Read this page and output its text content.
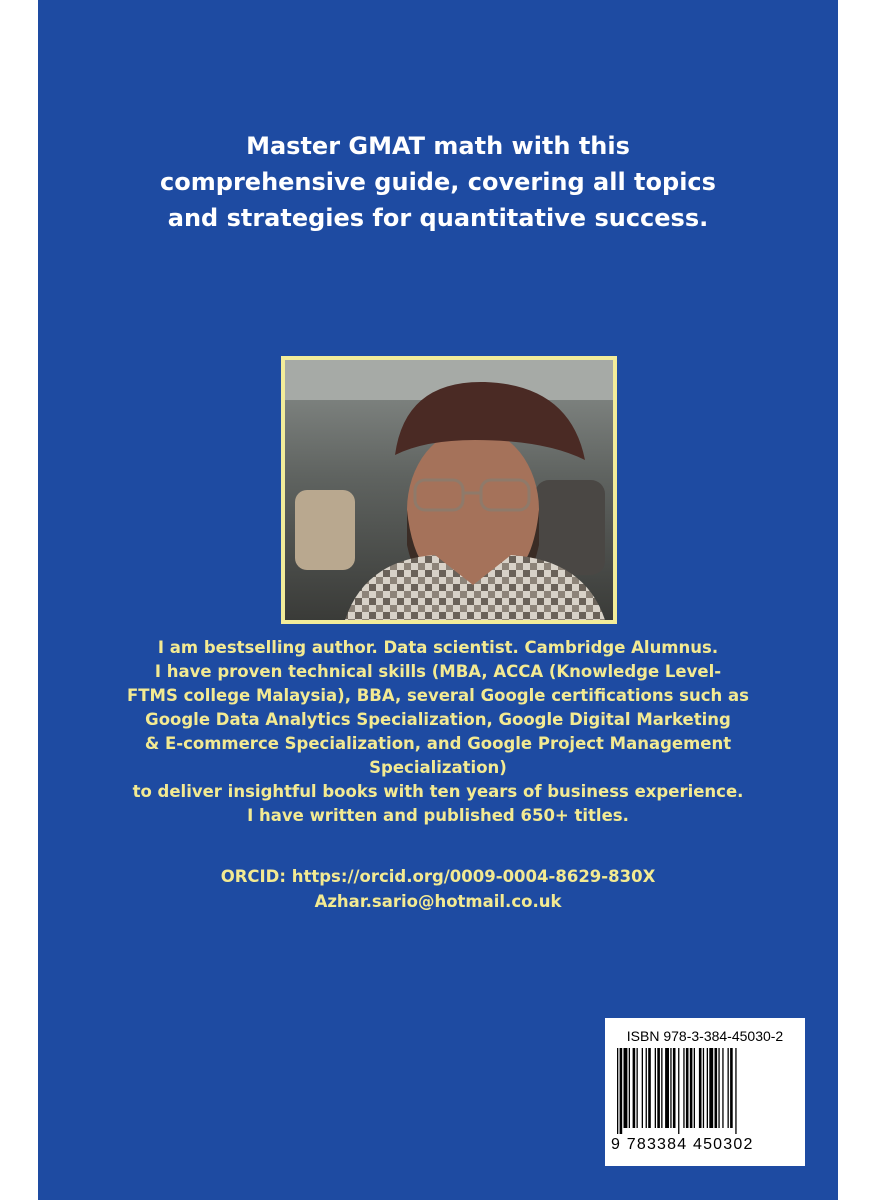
Master GMAT math with this
comprehensive guide, covering all topics
and strategies for quantitative success.
I am bestselling author. Data scientist. Cambridge Alumnus.
I have proven technical skills (MBA, ACCA (Knowledge Level-
FTMS college Malaysia), BBA, several Google certifications such as
Google Data Analytics Specialization, Google Digital Marketing
& E-commerce Specialization, and Google Project Management
Specialization)
to deliver insightful books with ten years of business experience.
I have written and published 650+ titles.
ORCID: https://orcid.org/0009-0004-8629-830X
Azhar.sario@hotmail.co.uk
ISBN 978-3-384-45030-2
9 783384 450302
